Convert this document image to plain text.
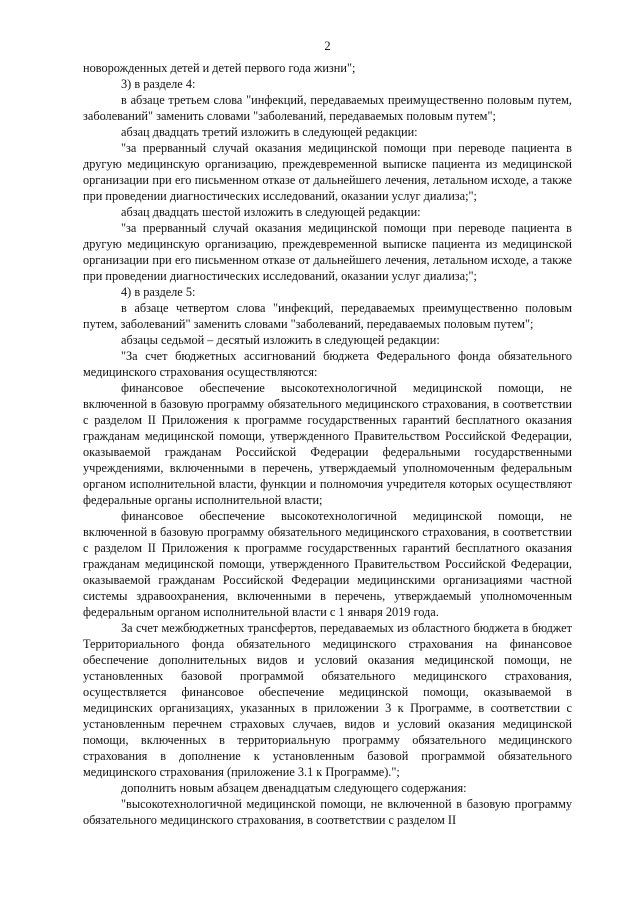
2

новорожденных детей и детей первого года жизни";

3) в разделе 4:

в абзаце третьем слова "инфекций, передаваемых преимущественно половым путем, заболеваний" заменить словами "заболеваний, передаваемых половым путем";

абзац двадцать третий изложить в следующей редакции:

"за прерванный случай оказания медицинской помощи при переводе пациента в другую медицинскую организацию, преждевременной выписке пациента из медицинской организации при его письменном отказе от дальнейшего лечения, летальном исходе, а также при проведении диагностических исследований, оказании услуг диализа;";

абзац двадцать шестой изложить в следующей редакции:

"за прерванный случай оказания медицинской помощи при переводе пациента в другую медицинскую организацию, преждевременной выписке пациента из медицинской организации при его письменном отказе от дальнейшего лечения, летальном исходе, а также при проведении диагностических исследований, оказании услуг диализа;";

4) в разделе 5:

в абзаце четвертом слова "инфекций, передаваемых преимущественно половым путем, заболеваний" заменить словами "заболеваний, передаваемых половым путем";

абзацы седьмой – десятый изложить в следующей редакции:

"За счет бюджетных ассигнований бюджета Федерального фонда обязательного медицинского страхования осуществляются:

финансовое обеспечение высокотехнологичной медицинской помощи, не включенной в базовую программу обязательного медицинского страхования, в соответствии с разделом II Приложения к программе государственных гарантий бесплатного оказания гражданам медицинской помощи, утвержденного Правительством Российской Федерации, оказываемой гражданам Российской Федерации федеральными государственными учреждениями, включенными в перечень, утверждаемый уполномоченным федеральным органом исполнительной власти, функции и полномочия учредителя которых осуществляют федеральные органы исполнительной власти;

финансовое обеспечение высокотехнологичной медицинской помощи, не включенной в базовую программу обязательного медицинского страхования, в соответствии с разделом II Приложения к программе государственных гарантий бесплатного оказания гражданам медицинской помощи, утвержденного Правительством Российской Федерации, оказываемой гражданам Российской Федерации медицинскими организациями частной системы здравоохранения, включенными в перечень, утверждаемый уполномоченным федеральным органом исполнительной власти с 1 января 2019 года.

За счет межбюджетных трансфертов, передаваемых из областного бюджета в бюджет Территориального фонда обязательного медицинского страхования на финансовое обеспечение дополнительных видов и условий оказания медицинской помощи, не установленных базовой программой обязательного медицинского страхования, осуществляется финансовое обеспечение медицинской помощи, оказываемой в медицинских организациях, указанных в приложении 3 к Программе, в соответствии с установленным перечнем страховых случаев, видов и условий оказания медицинской помощи, включенных в территориальную программу обязательного медицинского страхования в дополнение к установленным базовой программой обязательного медицинского страхования (приложение 3.1 к Программе).";

дополнить новым абзацем двенадцатым следующего содержания:

"высокотехнологичной медицинской помощи, не включенной в базовую программу обязательного медицинского страхования, в соответствии с разделом II
